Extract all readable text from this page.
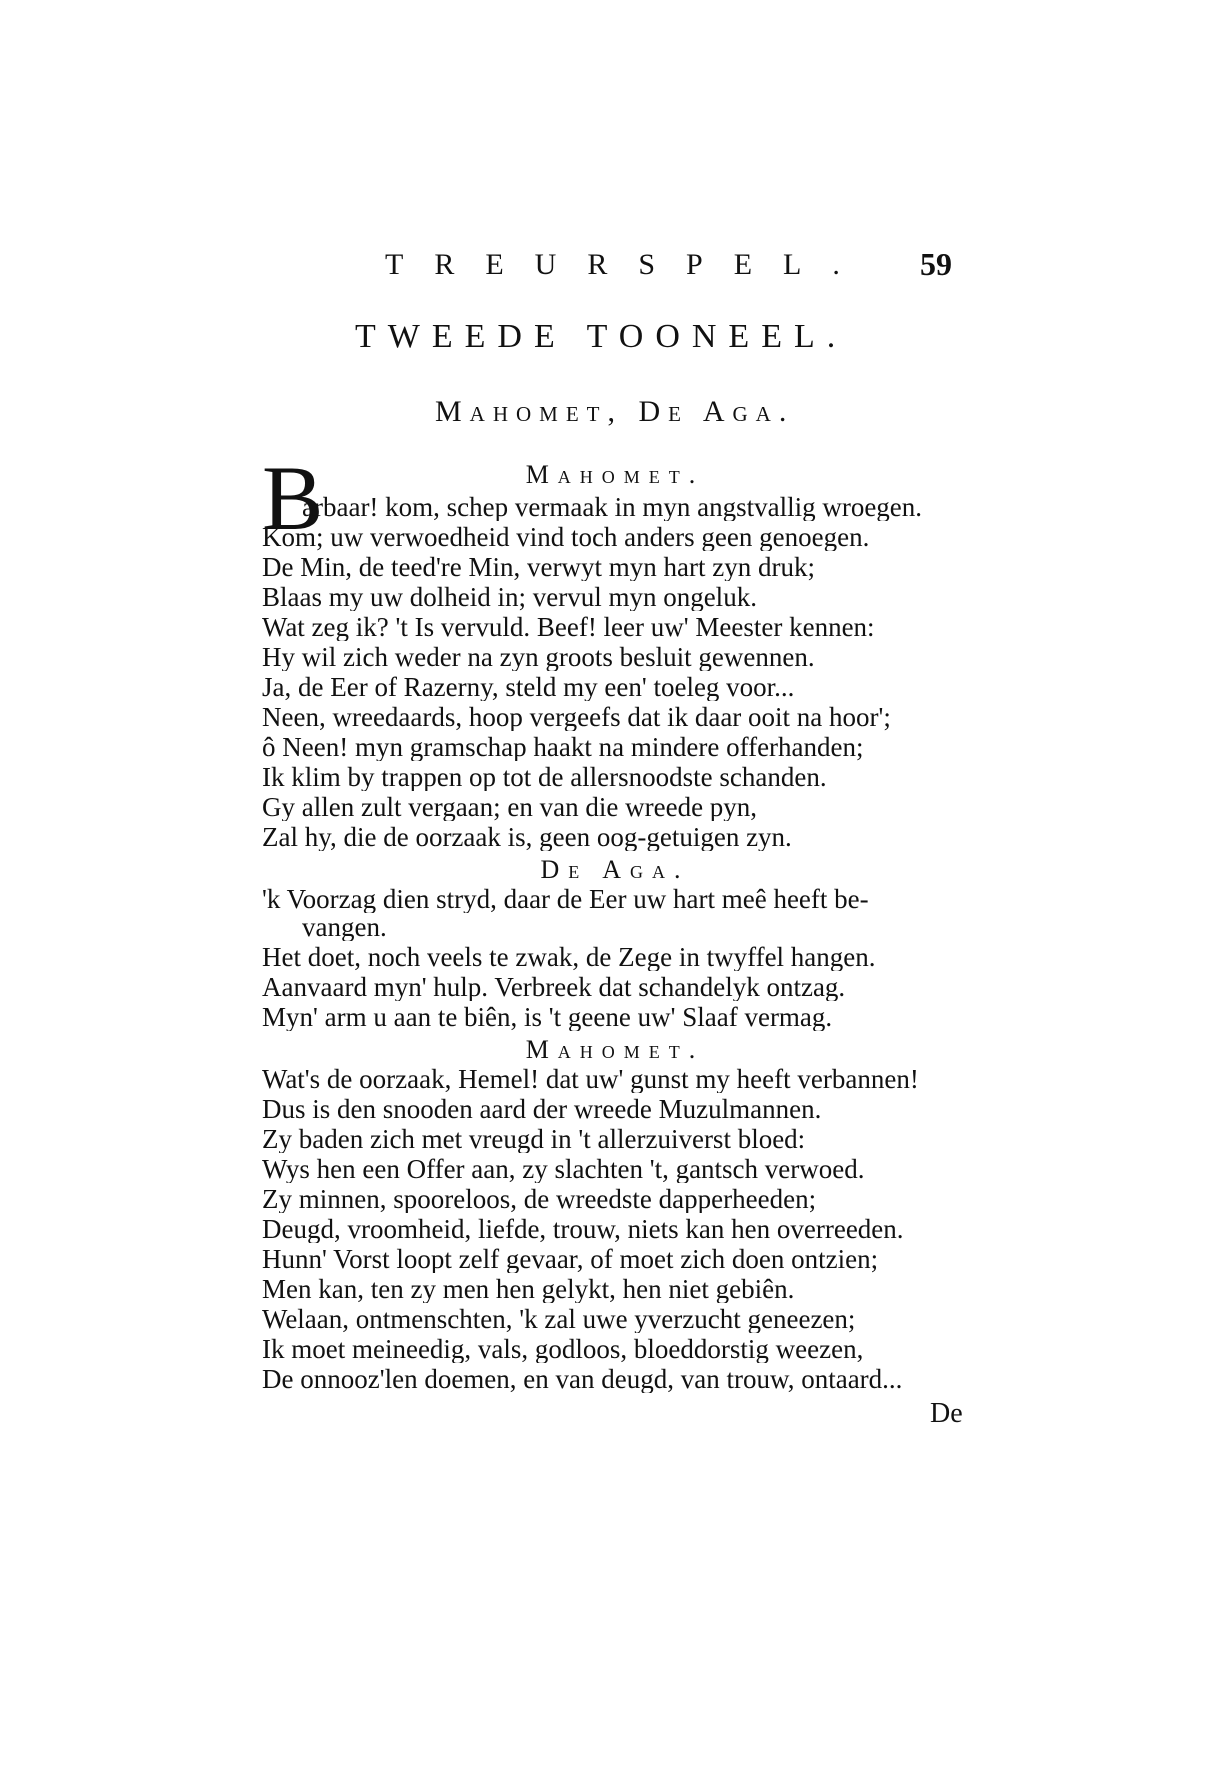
TREURSPEL. 59
TWEEDE TOONEEL.
Mahomet, De Aga.
Mahomet.
B
arbaar! kom, schep vermaak in myn angstvallig wroegen.
Kom; uw verwoedheid vind toch anders geen genoegen.
De Min, de teed're Min, verwyt myn hart zyn druk;
Blaas my uw dolheid in; vervul myn ongeluk.
Wat zeg ik? 't Is vervuld. Beef! leer uw' Meester kennen:
Hy wil zich weder na zyn groots besluit gewennen.
Ja, de Eer of Razerny, steld my een' toeleg voor...
Neen, wreedaards, hoop vergeefs dat ik daar ooit na hoor';
ô Neen! myn gramschap haakt na mindere offerhanden;
Ik klim by trappen op tot de allersnoodste schanden.
Gy allen zult vergaan; en van die wreede pyn,
Zal hy, die de oorzaak is, geen oog-getuigen zyn.
De Aga.
'k Voorzag dien stryd, daar de Eer uw hart meê heeft be-
vangen.
Het doet, noch veels te zwak, de Zege in twyffel hangen.
Aanvaard myn' hulp. Verbreek dat schandelyk ontzag.
Myn' arm u aan te biên, is 't geene uw' Slaaf vermag.
Mahomet.
Wat's de oorzaak, Hemel! dat uw' gunst my heeft verbannen!
Dus is den snooden aard der wreede Muzulmannen.
Zy baden zich met vreugd in 't allerzuiverst bloed:
Wys hen een Offer aan, zy slachten 't, gantsch verwoed.
Zy minnen, spooreloos, de wreedste dapperheeden;
Deugd, vroomheid, liefde, trouw, niets kan hen overreeden.
Hunn' Vorst loopt zelf gevaar, of moet zich doen ontzien;
Men kan, ten zy men hen gelykt, hen niet gebiên.
Welaan, ontmenschten, 'k zal uwe yverzucht geneezen;
Ik moet meineedig, vals, godloos, bloeddorstig weezen,
De onnooz'len doemen, en van deugd, van trouw, ontaard...
De
